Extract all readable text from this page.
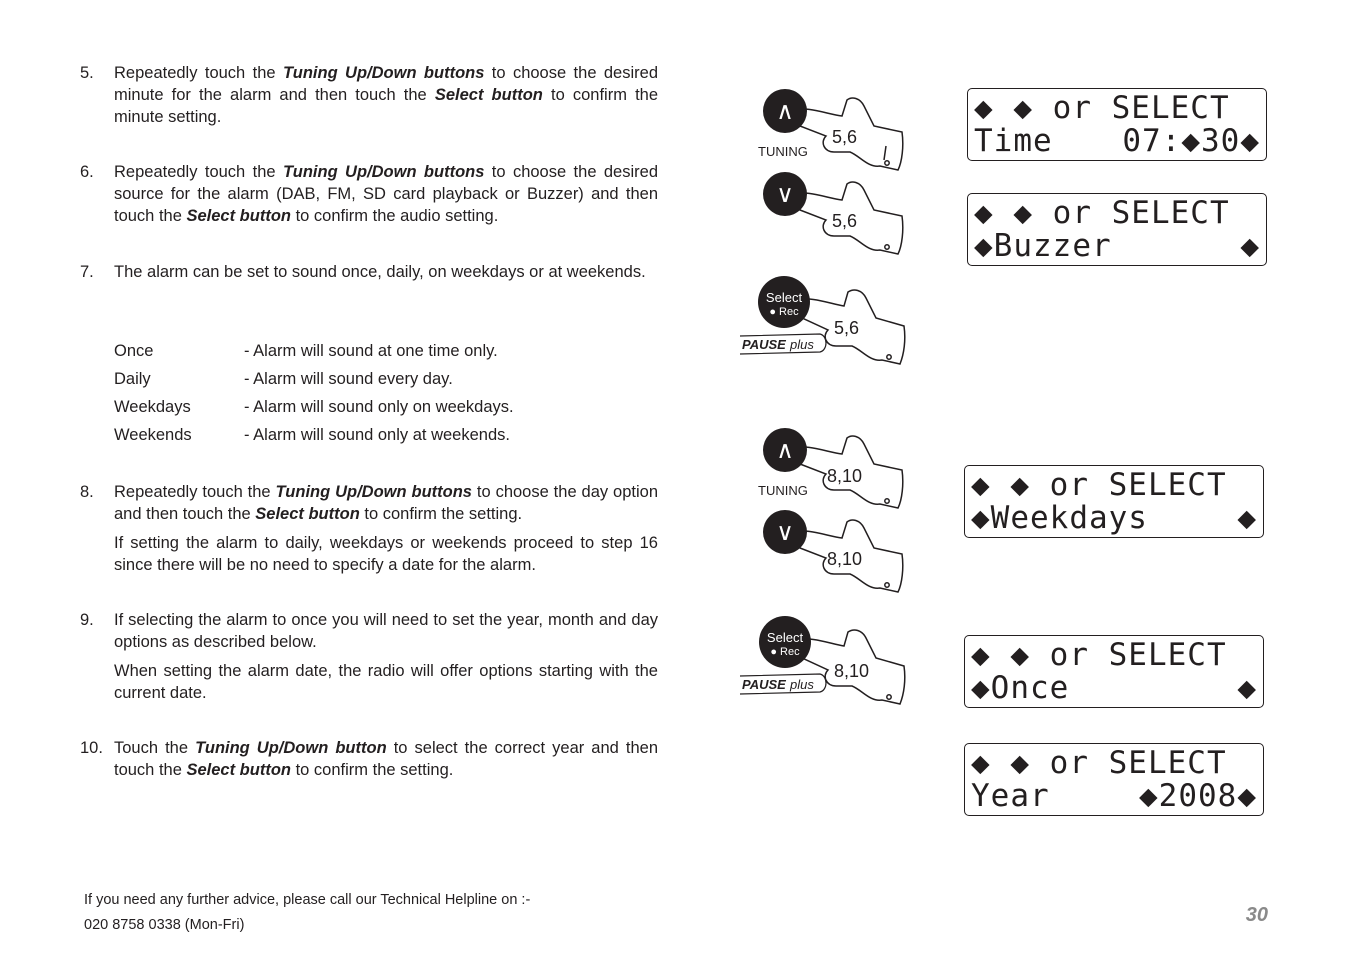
5. Repeatedly touch the Tuning Up/Down buttons to choose the desired minute for the alarm and then touch the Select button to confirm the minute setting.
6. Repeatedly touch the Tuning Up/Down buttons to choose the desired source for the alarm (DAB, FM, SD card playback or Buzzer) and then touch the Select button to confirm the audio setting.
7. The alarm can be set to sound once, daily, on weekdays or at weekends.
8. Repeatedly touch the Tuning Up/Down buttons to choose the day option and then touch the Select button to confirm the setting.
If setting the alarm to daily, weekdays or weekends proceed to step 16 since there will be no need to specify a date for the alarm.
9. If selecting the alarm to once you will need to set the year, month and day options as described below.
When setting the alarm date, the radio will offer options starting with the current date.
10. Touch the Tuning Up/Down button to select the correct year and then touch the Select button to confirm the setting.
Once	- Alarm will sound at one time only.
Daily	- Alarm will sound every day.
Weekdays	- Alarm will sound only on weekdays.
Weekends	- Alarm will sound only at weekends.
If you need any further advice, please call our Technical Helpline on :-
020 8758 0338 (Mon-Fri)	30
◆ ◆ or SELECT
Time 07:◆30◆
◆ ◆ or SELECT
◆Buzzer	◆
◆ ◆ or SELECT
◆Weekdays	◆
◆ ◆ or SELECT
◆Once	◆
◆ ◆ or SELECT
Year	◆2008◆
∧
TUNING
5,6
∨
5,6
Select
● Rec
PAUSE plus
5,6
∧
TUNING
8,10
∨
8,10
Select
● Rec
PAUSE plus
8,10
